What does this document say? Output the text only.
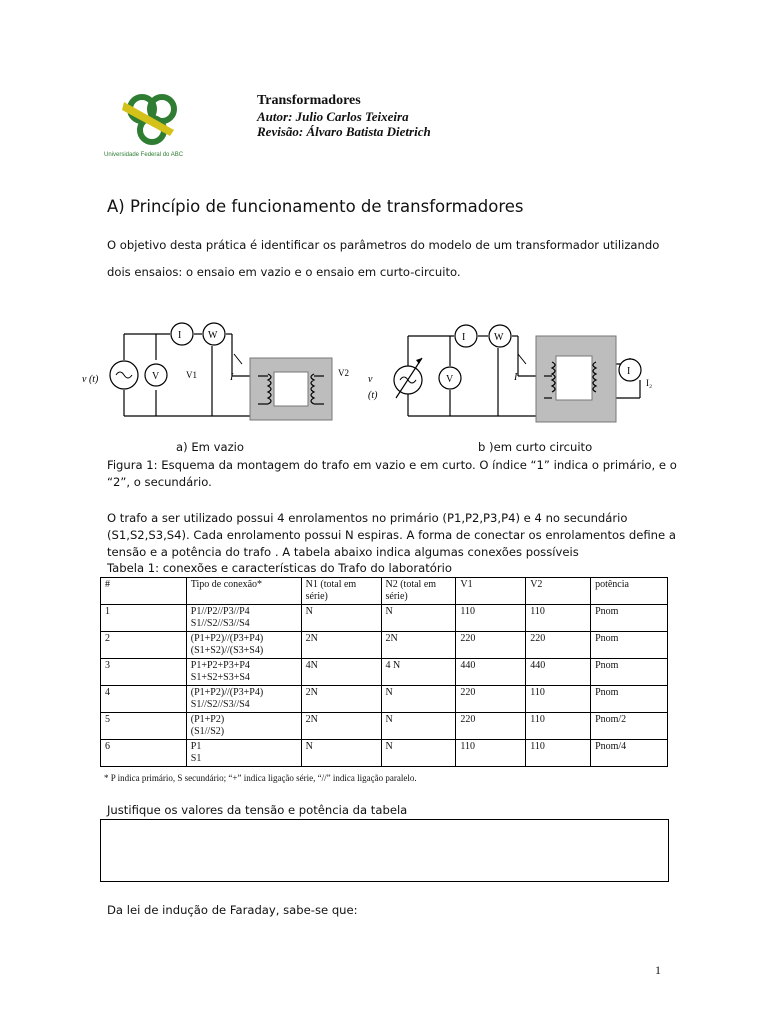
Universidade Federal do ABC
Transformadores
Autor: Julio Carlos Teixeira
Revisão: Álvaro Batista Dietrich
A) Princípio de funcionamento de transformadores
O objetivo desta prática é identificar os parâmetros do modelo de um transformador utilizando
dois ensaios: o ensaio em vazio e o ensaio em curto-circuito.
v (t)
I	W
V	V1	V2
I	v
(t)
I	W
V	I
I
I₂
a) Em vazio	b )em curto circuito
Figura 1: Esquema da montagem do trafo em vazio e em curto. O índice “1” indica o primário, e o
“2”, o secundário.
O trafo a ser utilizado possui 4 enrolamentos no primário (P1,P2,P3,P4) e 4 no secundário
(S1,S2,S3,S4). Cada enrolamento possui N espiras. A forma de conectar os enrolamentos define a
tensão e a potência do trafo . A tabela abaixo indica algumas conexões possíveis
Tabela 1: conexões e características do Trafo do laboratório
#	Tipo de conexão*	N1 (total em série)	N2 (total em série)	V1	V2	potência
1	P1//P2//P3//P4
S1//S2//S3//S4	N	N	110	110	Pnom
2	(P1+P2)//(P3+P4)
(S1+S2)//(S3+S4)	2N	2N	220	220	Pnom
3	P1+P2+P3+P4
S1+S2+S3+S4	4N	4 N	440	440	Pnom
4	(P1+P2)//(P3+P4)
S1//S2//S3//S4	2N	N	220	110	Pnom
5	(P1+P2)
(S1//S2)	2N	N	220	110	Pnom/2
6	P1
S1	N	N	110	110	Pnom/4
* P indica primário, S secundário; “+” indica ligação série, “//” indica ligação paralelo.
Justifique os valores da tensão e potência da tabela
Da lei de indução de Faraday, sabe-se que:
1
